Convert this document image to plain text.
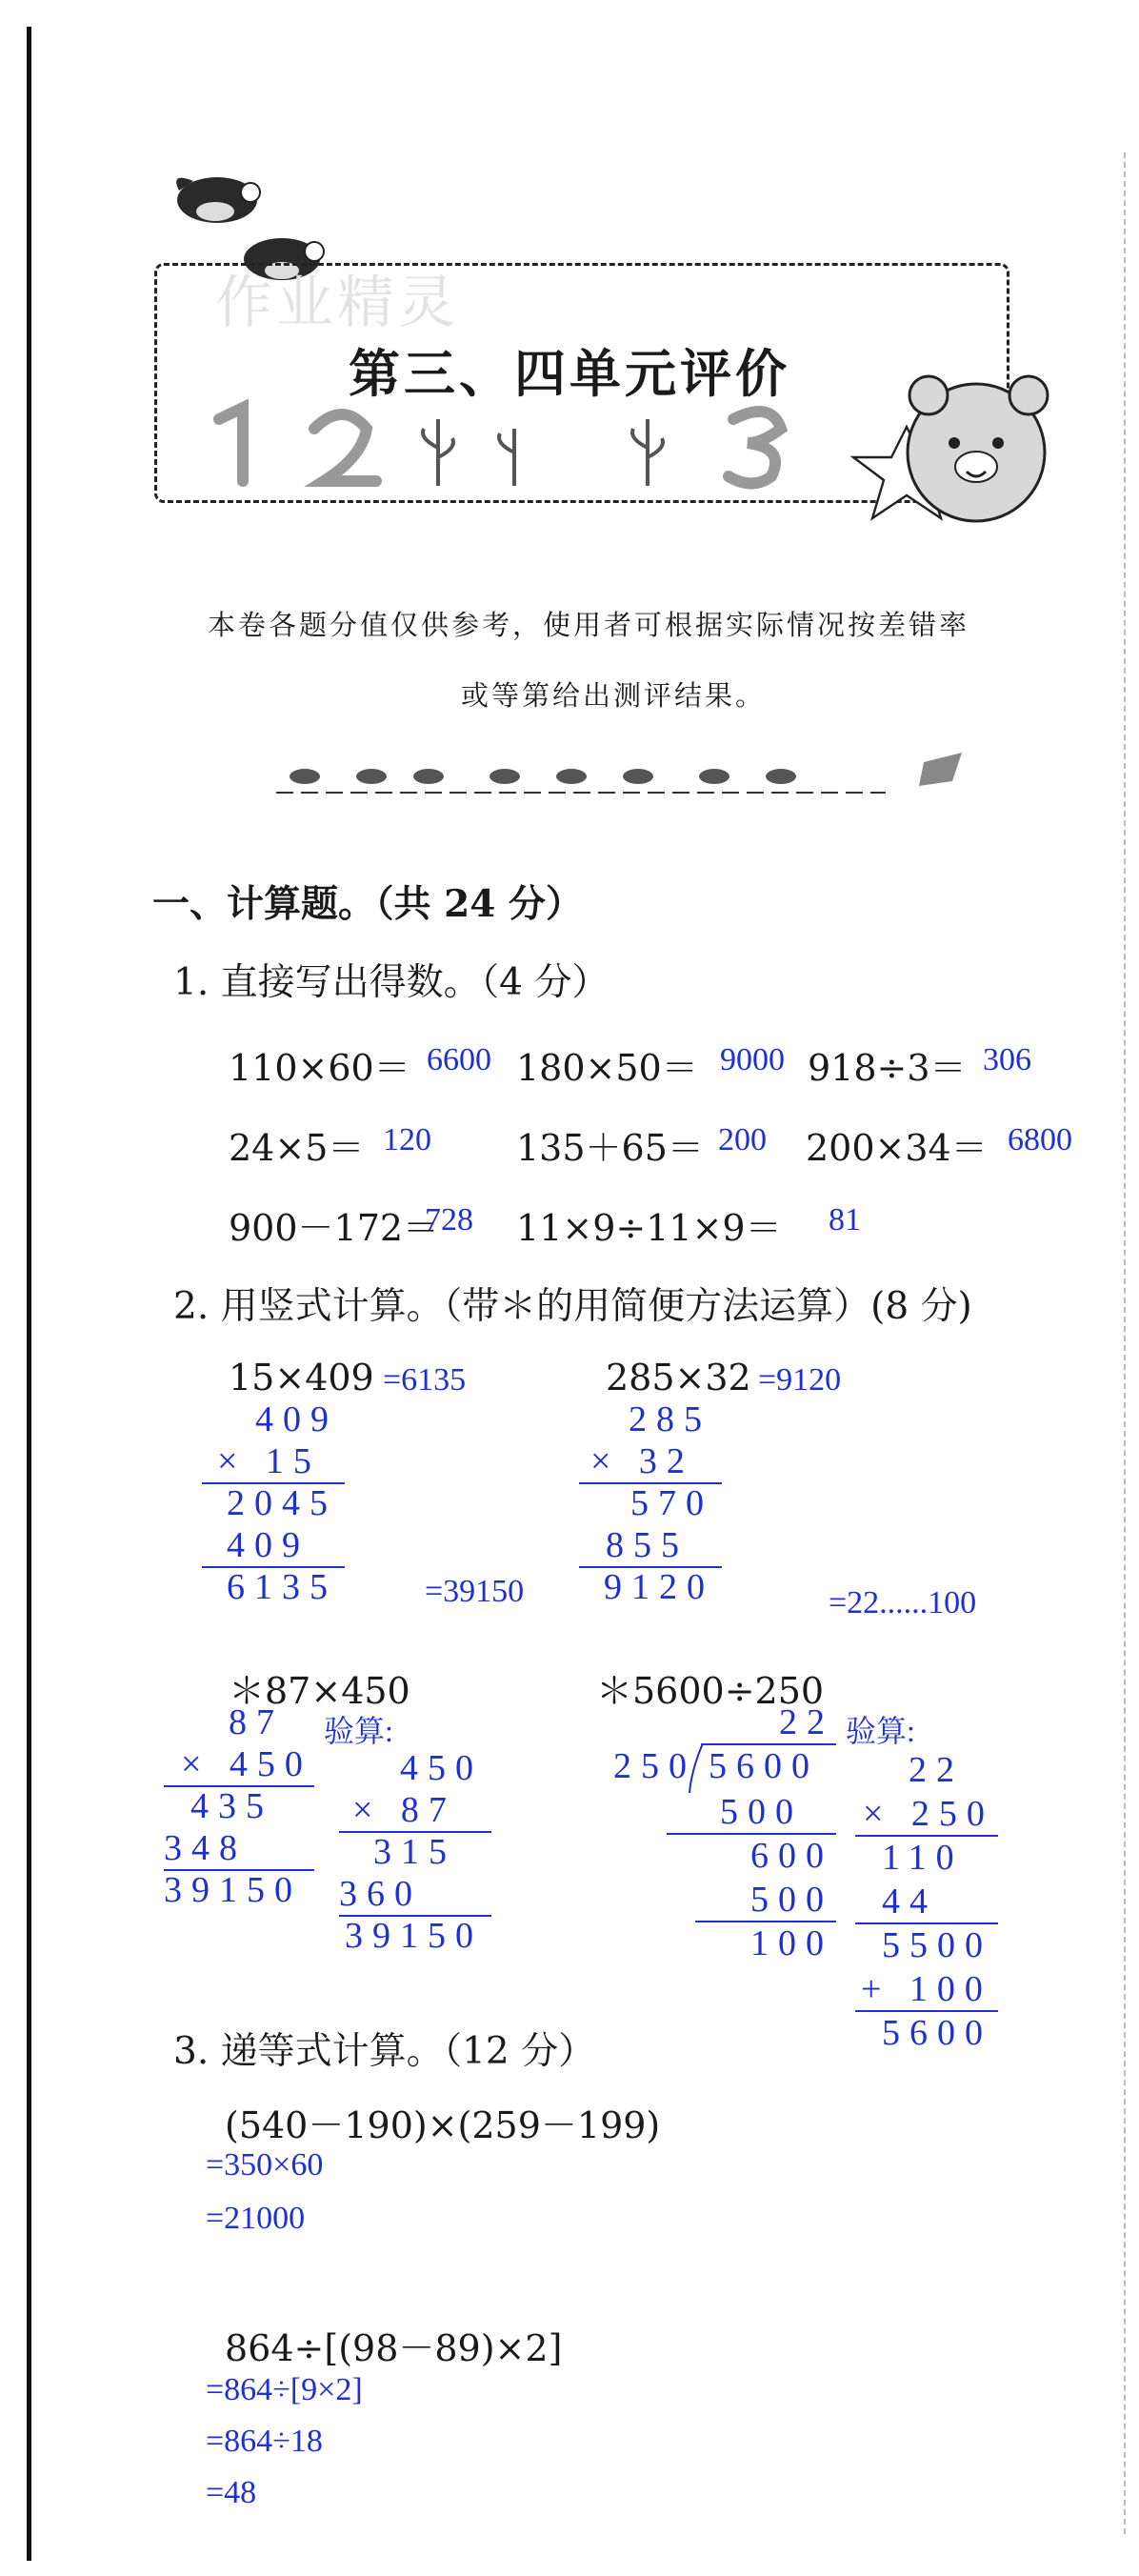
作业精灵
第三、四单元评价
本卷各题分值仅供参考，使用者可根据实际情况按差错率
或等第给出测评结果。
一、计算题。（共 24 分）
1. 直接写出得数。（4 分）
110×60＝ 6600 180×50＝ 9000 918÷3＝ 306
24×5＝ 120 135＋65＝ 200 200×34＝ 6800
900－172＝
728 11×9÷11×9＝ 81
2. 用竖式计算。（带＊的用简便方法运算）(8 分)
15×409 =6135
409
× 15
2045
409
6135	=39150
285×32 =9120
285
× 32
570
855
9120	=22......100
＊87×450
87
× 450
435
348
39150
验算:
450
× 87
315
360
39150
＊5600÷250
22
250 5600
500
600
500
100
验算:
22
× 250
110
44
5500
+ 100
5600
3. 递等式计算。（12 分）
(540－190)×(259－199)
=350×60
=21000
864÷[(98－89)×2]
=864÷[9×2]
=864÷18
=48
